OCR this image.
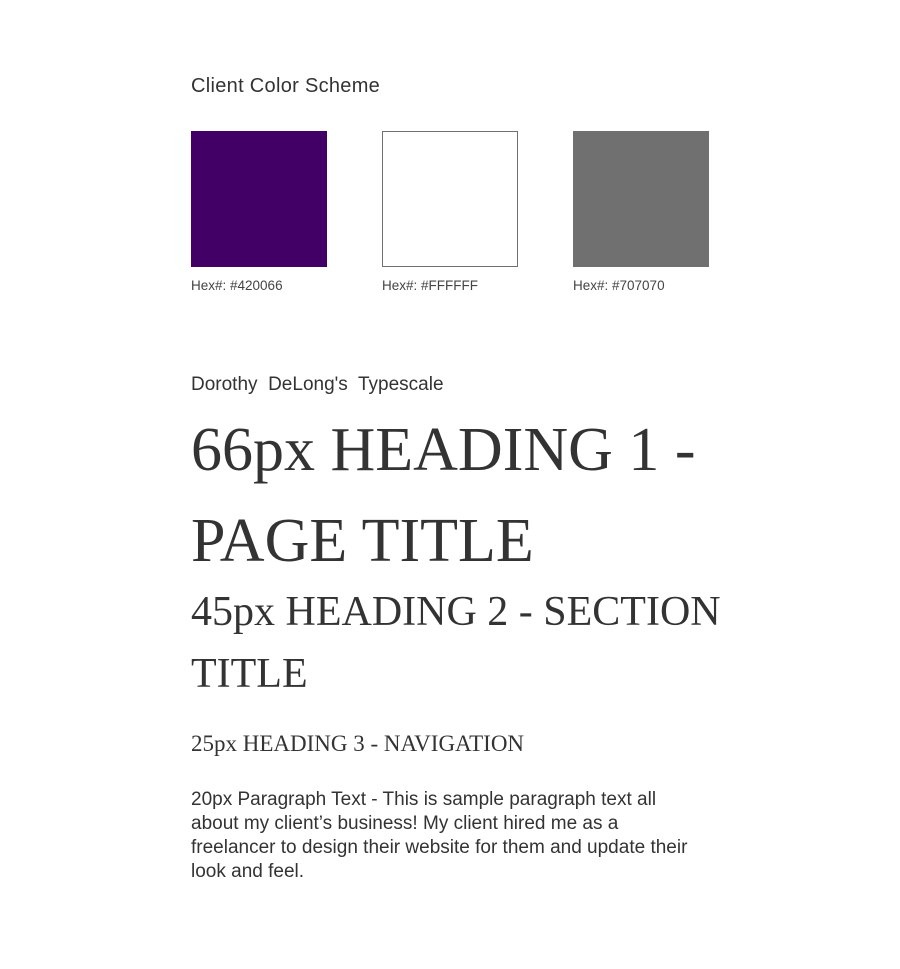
Client Color Scheme
Hex#: #420066	Hex#: #FFFFFF	Hex#: #707070
Dorothy  DeLong's  Typescale
66px HEADING 1 - PAGE TITLE
45px HEADING 2 - SECTION TITLE
25px HEADING 3 - NAVIGATION

20px Paragraph Text - This is sample paragraph text all about my client’s business! My client hired me as a freelancer to design their website for them and update their look and feel.
